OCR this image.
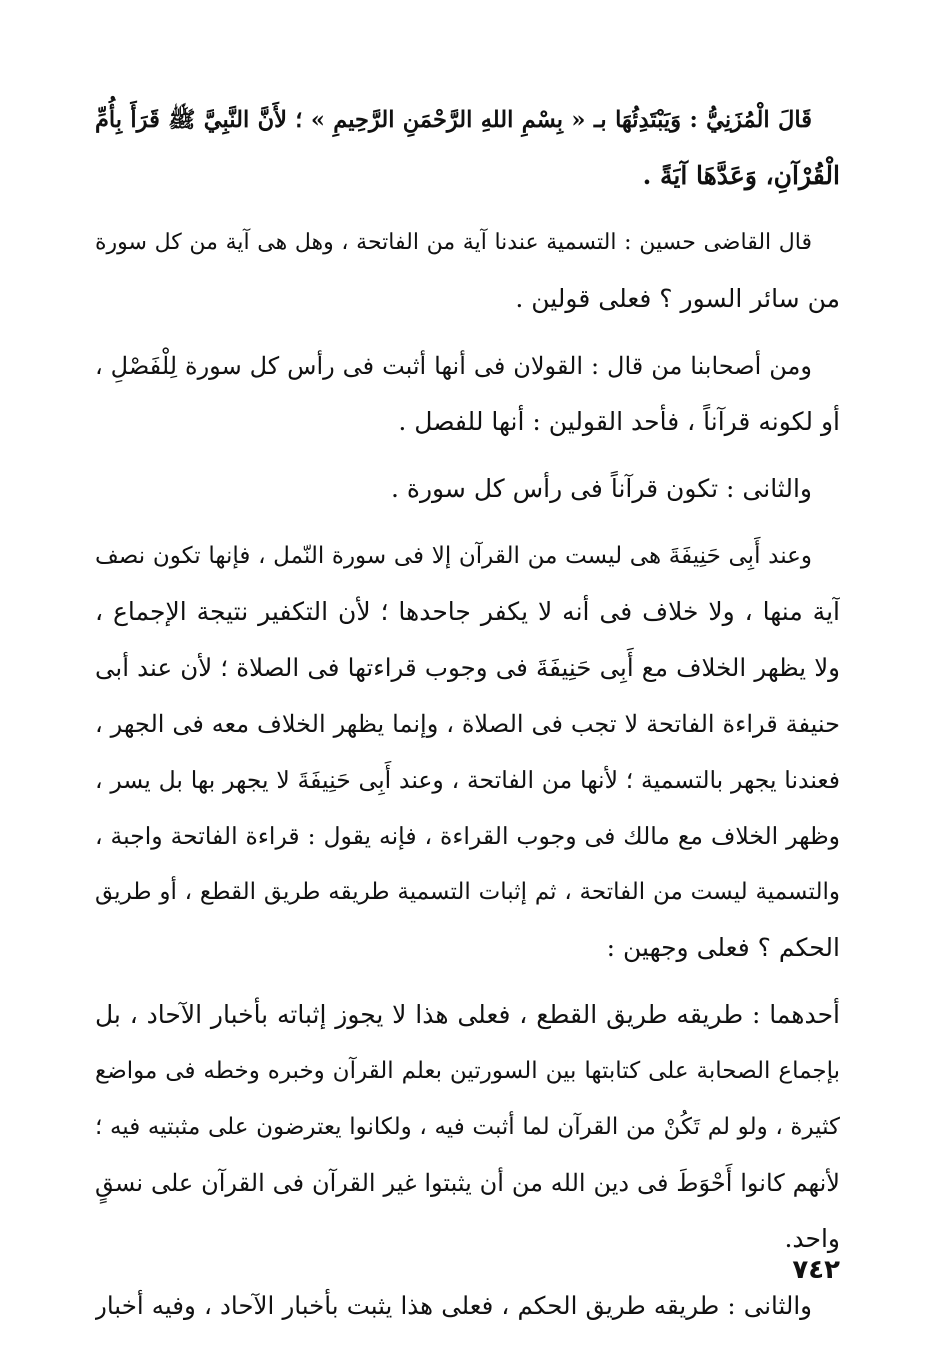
قَالَ الْمُزَنِيُّ : وَيَبْتَدِئُهَا بـ « بِسْمِ اللهِ الرَّحْمَنِ الرَّحِيمِ » ؛ لأَنَّ النَّبِيَّ ﷺ قَرَأَ بِأُمِّ
الْقُرْآنِ، وَعَدَّهَا آيَةً .
قال القاضى حسين : التسمية عندنا آية من الفاتحة ، وهل هى آية من كل سورة
من سائر السور ؟ فعلى قولين .
ومن أصحابنا من قال : القولان فى أنها أثبت فى رأس كل سورة لِلْفَصْلِ ،
أو لكونه قرآناً ، فأحد القولين : أنها للفصل .
والثانى : تكون قرآناً فى رأس كل سورة .
وعند أَبِى حَنِيفَةَ هى ليست من القرآن إلا فى سورة النّمل ، فإنها تكون نصف
آية منها ، ولا خلاف فى أنه لا يكفر جاحدها ؛ لأن التكفير نتيجة الإجماع ،
ولا يظهر الخلاف مع أَبِى حَنِيفَةَ فى وجوب قراءتها فى الصلاة ؛ لأن عند أبى
حنيفة قراءة الفاتحة لا تجب فى الصلاة ، وإنما يظهر الخلاف معه فى الجهر ،
فعندنا يجهر بالتسمية ؛ لأنها من الفاتحة ، وعند أَبِى حَنِيفَةَ لا يجهر بها بل يسر ،
وظهر الخلاف مع مالك فى وجوب القراءة ، فإنه يقول : قراءة الفاتحة واجبة ،
والتسمية ليست من الفاتحة ، ثم إثبات التسمية طريقه طريق القطع ، أو طريق
الحكم ؟ فعلى وجهين :
أحدهما : طريقه طريق القطع ، فعلى هذا لا يجوز إثباته بأخبار الآحاد ، بل
بإجماع الصحابة على كتابتها بين السورتين بعلم القرآن وخبره وخطه فى مواضع
كثيرة ، ولو لم تَكُنْ من القرآن لما أثبت فيه ، ولكانوا يعترضون على مثبتيه فيه ؛
لأنهم كانوا أَحْوَطَ فى دين الله من أن يثبتوا غير القرآن فى القرآن على نسقٍ
واحد.
والثانى : طريقه طريق الحكم ، فعلى هذا يثبت بأخبار الآحاد ، وفيه أخبار
٧٤٢
